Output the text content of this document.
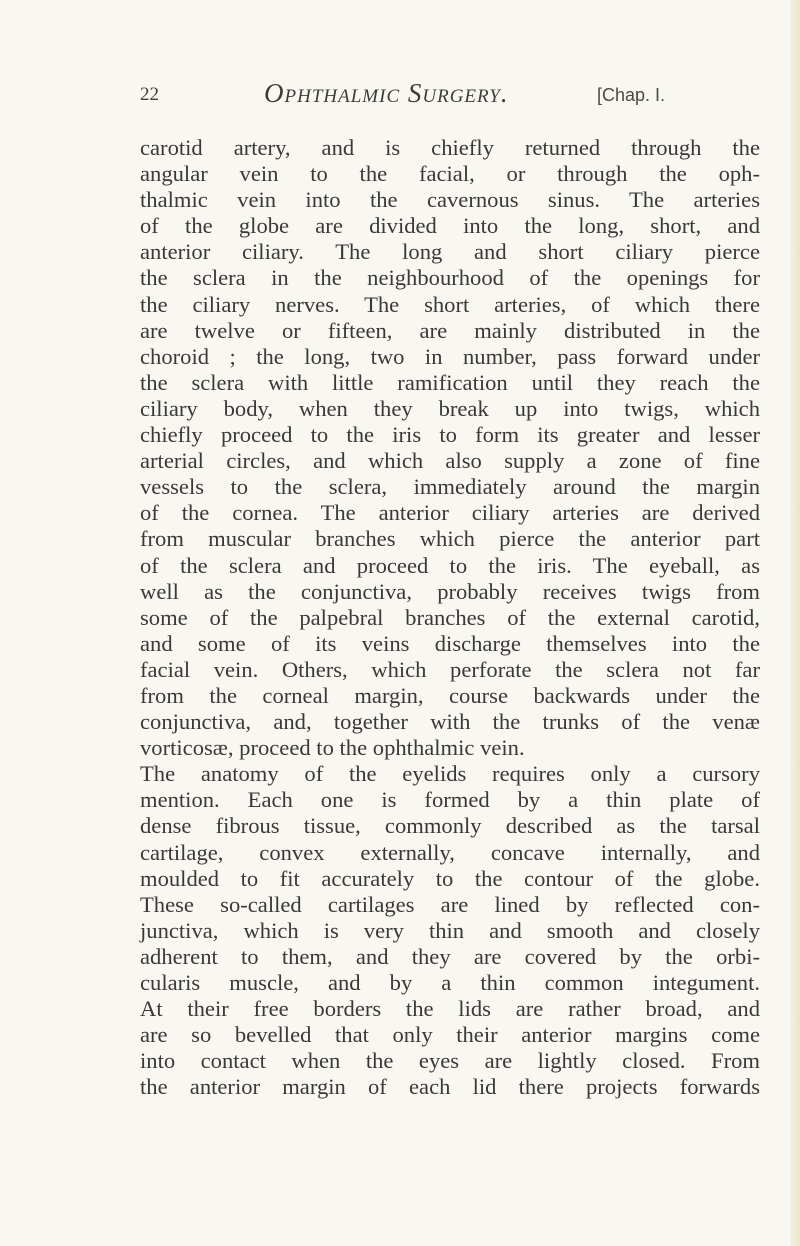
22	Ophthalmic Surgery.	[Chap. I.
carotid artery, and is chiefly returned through the
angular vein to the facial, or through the oph-
thalmic vein into the cavernous sinus. The arteries
of the globe are divided into the long, short, and
anterior ciliary. The long and short ciliary pierce
the sclera in the neighbourhood of the openings for
the ciliary nerves. The short arteries, of which there
are twelve or fifteen, are mainly distributed in the
choroid ; the long, two in number, pass forward under
the sclera with little ramification until they reach the
ciliary body, when they break up into twigs, which
chiefly proceed to the iris to form its greater and lesser
arterial circles, and which also supply a zone of fine
vessels to the sclera, immediately around the margin
of the cornea. The anterior ciliary arteries are derived
from muscular branches which pierce the anterior part
of the sclera and proceed to the iris. The eyeball, as
well as the conjunctiva, probably receives twigs from
some of the palpebral branches of the external carotid,
and some of its veins discharge themselves into the
facial vein. Others, which perforate the sclera not far
from the corneal margin, course backwards under the
conjunctiva, and, together with the trunks of the venæ
vorticosæ, proceed to the ophthalmic vein.
The anatomy of the eyelids requires only a cursory
mention. Each one is formed by a thin plate of
dense fibrous tissue, commonly described as the tarsal
cartilage, convex externally, concave internally, and
moulded to fit accurately to the contour of the globe.
These so-called cartilages are lined by reflected con-
junctiva, which is very thin and smooth and closely
adherent to them, and they are covered by the orbi-
cularis muscle, and by a thin common integument.
At their free borders the lids are rather broad, and
are so bevelled that only their anterior margins come
into contact when the eyes are lightly closed. From
the anterior margin of each lid there projects forwards
